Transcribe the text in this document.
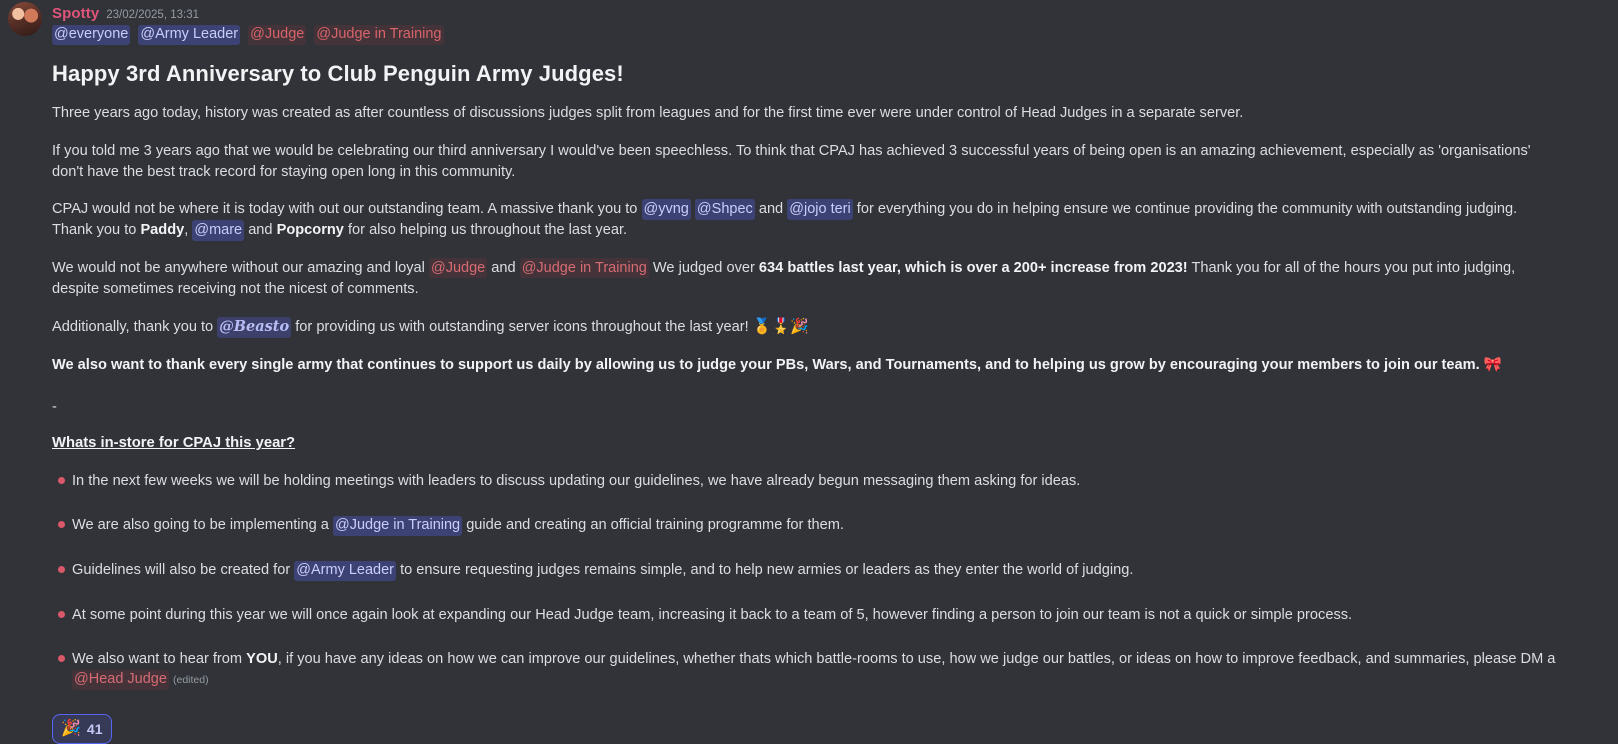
Spotty 23/02/2025, 13:31
@everyone @Army Leader @Judge @Judge in Training
Happy 3rd Anniversary to Club Penguin Army Judges!

Three years ago today, history was created as after countless of discussions judges split from leagues and for the first time ever were under control of Head Judges in a separate server.

If you told me 3 years ago that we would be celebrating our third anniversary I would've been speechless. To think that CPAJ has achieved 3 successful years of being open is an amazing achievement, especially as 'organisations' don't have the best track record for staying open long in this community.

CPAJ would not be where it is today with out our outstanding team. A massive thank you to @yvng @Shpec and @jojo teri for everything you do in helping ensure we continue providing the community with outstanding judging. Thank you to Paddy, @mare and Popcorny for also helping us throughout the last year.

We would not be anywhere without our amazing and loyal @Judge and @Judge in Training We judged over 634 battles last year, which is over a 200+ increase from 2023! Thank you for all of the hours you put into judging, despite sometimes receiving not the nicest of comments.

Additionally, thank you to @Beasto for providing us with outstanding server icons throughout the last year! 🏅🎖️🎉

We also want to thank every single army that continues to support us daily by allowing us to judge your PBs, Wars, and Tournaments, and to helping us grow by encouraging your members to join our team. 🎀

-

Whats in-store for CPAJ this year?

In the next few weeks we will be holding meetings with leaders to discuss updating our guidelines, we have already begun messaging them asking for ideas.
We are also going to be implementing a @Judge in Training guide and creating an official training programme for them.
Guidelines will also be created for @Army Leader to ensure requesting judges remains simple, and to help new armies or leaders as they enter the world of judging.
At some point during this year we will once again look at expanding our Head Judge team, increasing it back to a team of 5, however finding a person to join our team is not a quick or simple process.
We also want to hear from YOU, if you have any ideas on how we can improve our guidelines, whether thats which battle-rooms to use, how we judge our battles, or ideas on how to improve feedback, and summaries, please DM a @Head Judge (edited)
🎉 41
